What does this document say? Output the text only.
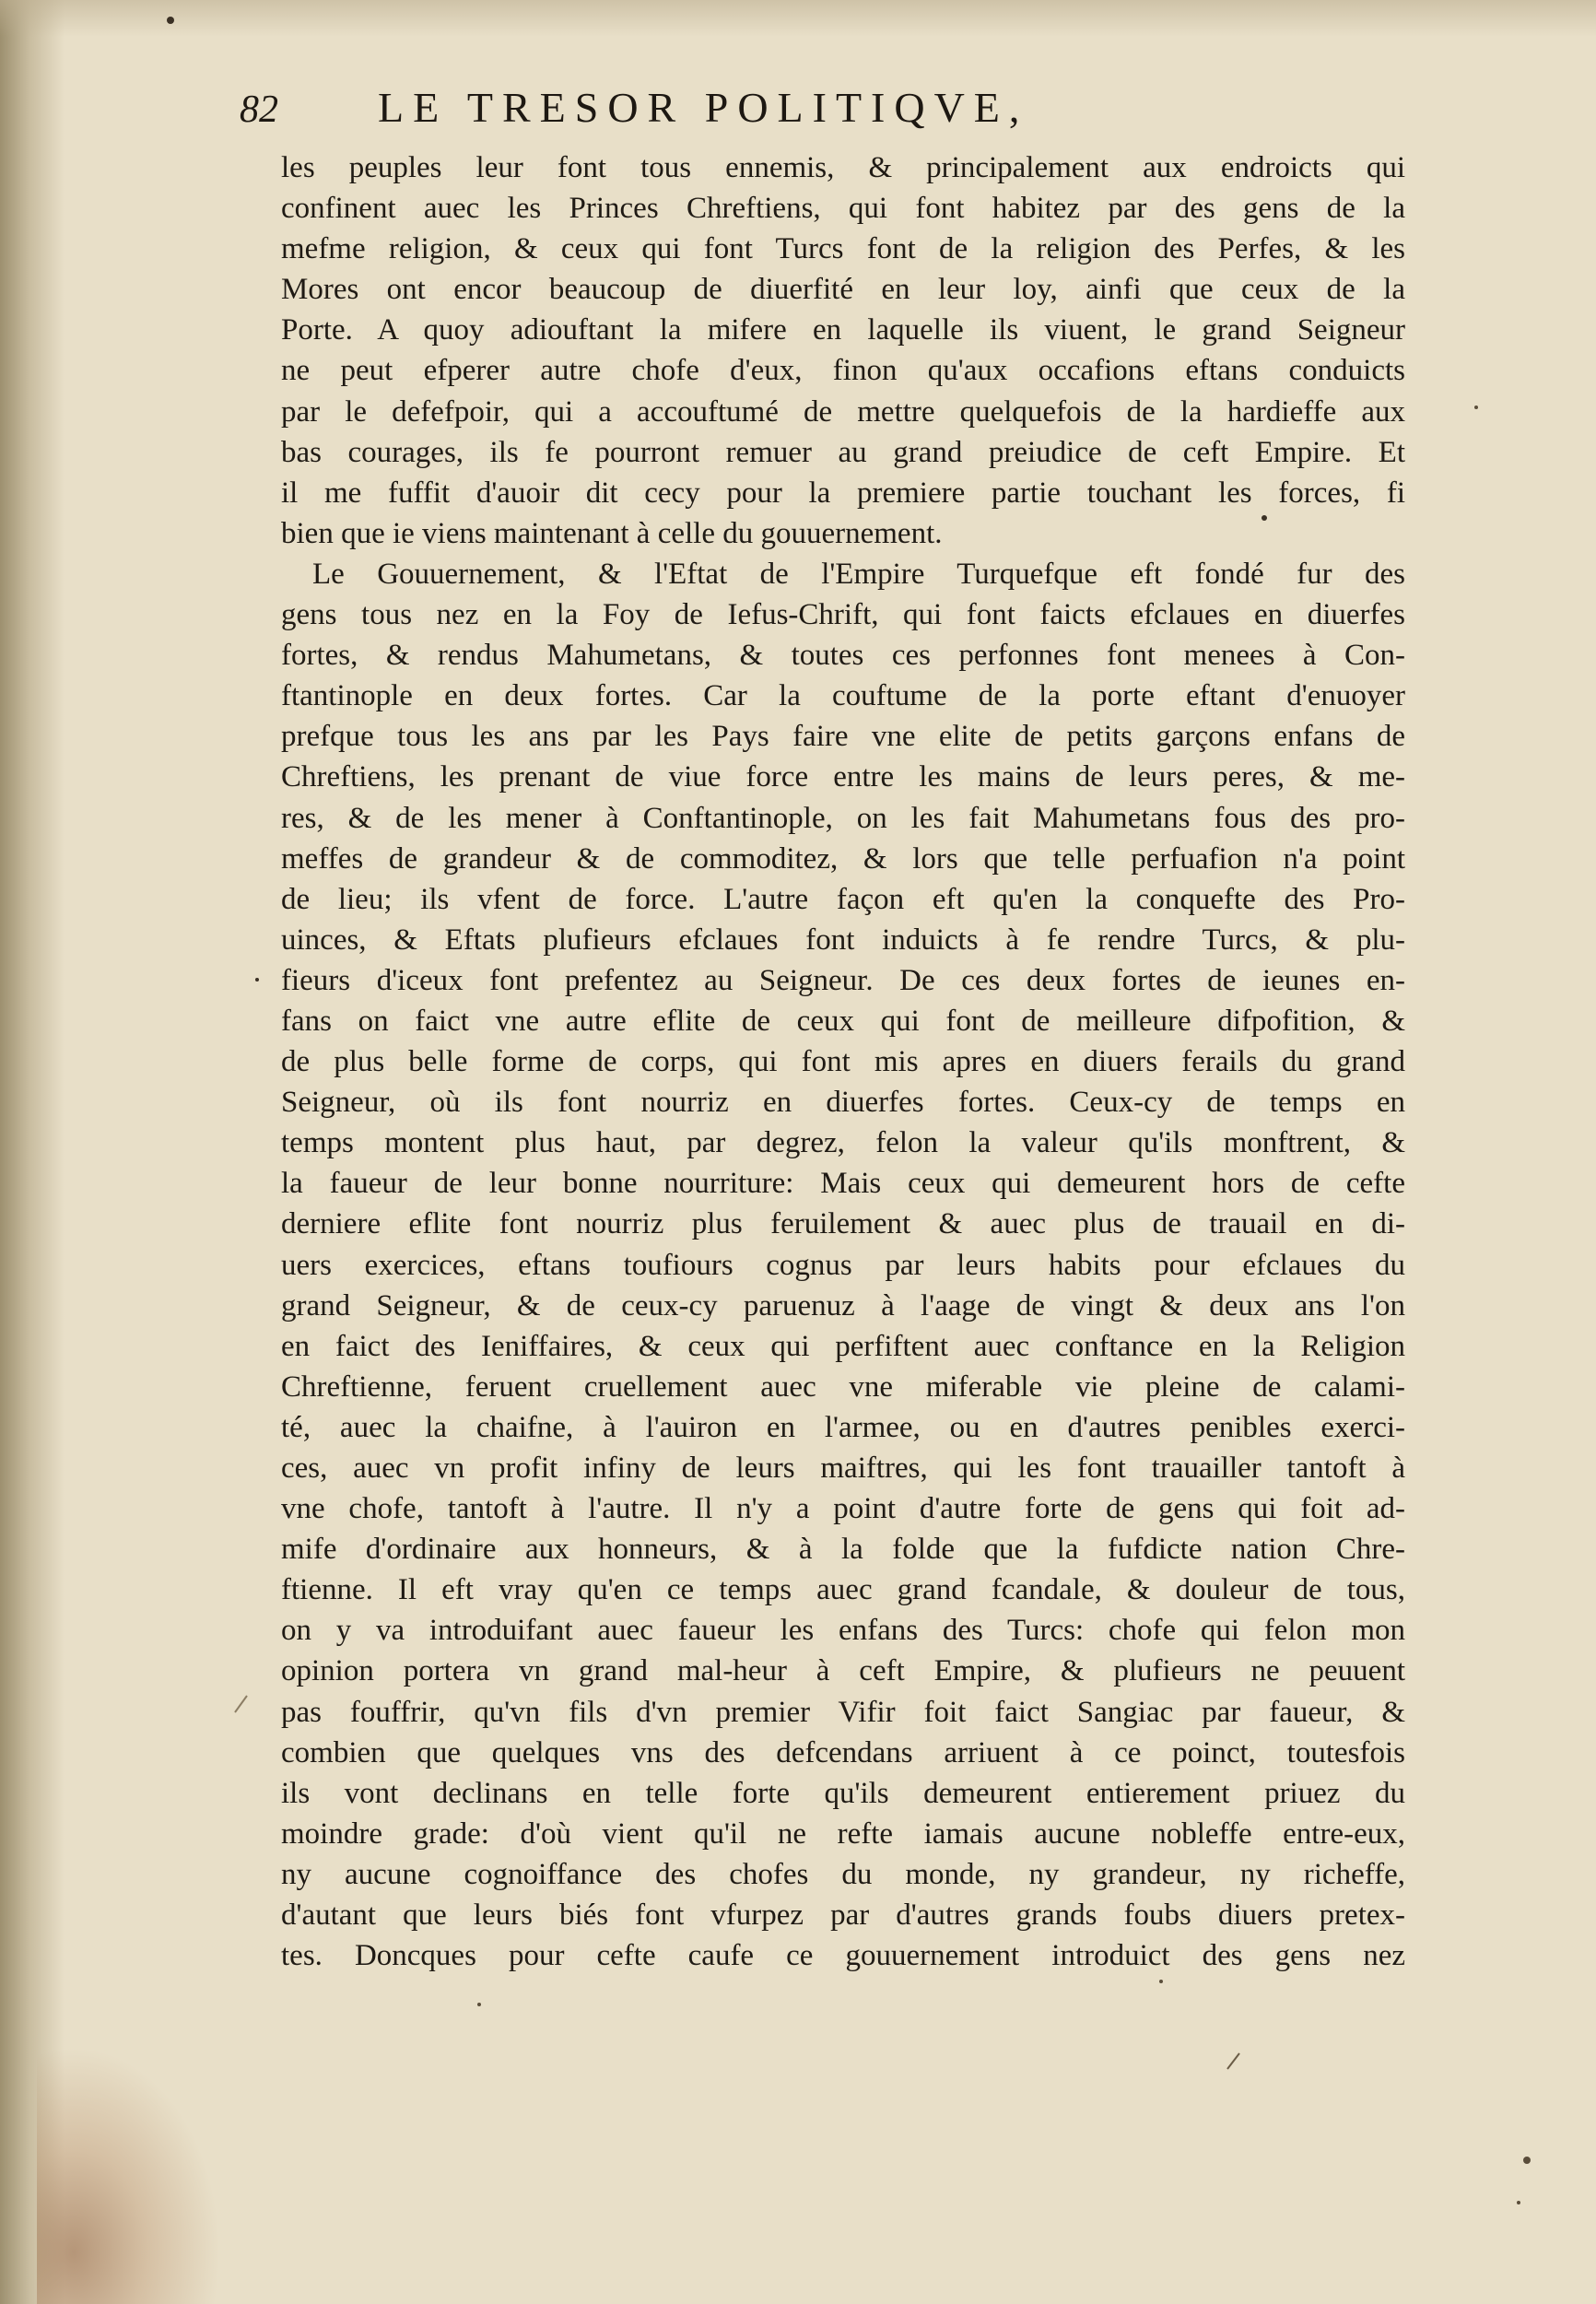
82	LE TRESOR POLITIQVE,
les peuples leur font tous ennemis, & principalement aux endroicts qui
confinent auec les Princes Chreftiens, qui font habitez par des gens de la
mefme religion, & ceux qui font Turcs font de la religion des Perfes, & les
Mores ont encor beaucoup de diuerfité en leur loy, ainfi que ceux de la
Porte. A quoy adiouftant la mifere en laquelle ils viuent, le grand Seigneur
ne peut efperer autre chofe d'eux, finon qu'aux occafions eftans conduicts
par le defefpoir, qui a accouftumé de mettre quelquefois de la hardieffe aux
bas courages, ils fe pourront remuer au grand preiudice de ceft Empire. Et
il me fuffit d'auoir dit cecy pour la premiere partie touchant les forces, fi
bien que ie viens maintenant à celle du gouuernement.
Le Gouuernement, & l'Eftat de l'Empire Turquefque eft fondé fur des
gens tous nez en la Foy de Iefus-Chrift, qui font faicts efclaues en diuerfes
fortes, & rendus Mahumetans, & toutes ces perfonnes font menees à Con-
ftantinople en deux fortes. Car la couftume de la porte eftant d'enuoyer
prefque tous les ans par les Pays faire vne elite de petits garçons enfans de
Chreftiens, les prenant de viue force entre les mains de leurs peres, & me-
res, & de les mener à Conftantinople, on les fait Mahumetans fous des pro-
meffes de grandeur & de commoditez, & lors que telle perfuafion n'a point
de lieu; ils vfent de force. L'autre façon eft qu'en la conquefte des Pro-
uinces, & Eftats plufieurs efclaues font induicts à fe rendre Turcs, & plu-
fieurs d'iceux font prefentez au Seigneur. De ces deux fortes de ieunes en-
fans on faict vne autre eflite de ceux qui font de meilleure difpofition, &
de plus belle forme de corps, qui font mis apres en diuers ferails du grand
Seigneur, où ils font nourriz en diuerfes fortes. Ceux-cy de temps en
temps montent plus haut, par degrez, felon la valeur qu'ils monftrent, &
la faueur de leur bonne nourriture: Mais ceux qui demeurent hors de cefte
derniere eflite font nourriz plus feruilement & auec plus de trauail en di-
uers exercices, eftans toufiours cognus par leurs habits pour efclaues du
grand Seigneur, & de ceux-cy paruenuz à l'aage de vingt & deux ans l'on
en faict des Ieniffaires, & ceux qui perfiftent auec conftance en la Religion
Chreftienne, feruent cruellement auec vne miferable vie pleine de calami-
té, auec la chaifne, à l'auiron en l'armee, ou en d'autres penibles exerci-
ces, auec vn profit infiny de leurs maiftres, qui les font trauailler tantoft à
vne chofe, tantoft à l'autre. Il n'y a point d'autre forte de gens qui foit ad-
mife d'ordinaire aux honneurs, & à la folde que la fufdicte nation Chre-
ftienne. Il eft vray qu'en ce temps auec grand fcandale, & douleur de tous,
on y va introduifant auec faueur les enfans des Turcs: chofe qui felon mon
opinion portera vn grand mal-heur à ceft Empire, & plufieurs ne peuuent
pas fouffrir, qu'vn fils d'vn premier Vifir foit faict Sangiac par faueur, &
combien que quelques vns des defcendans arriuent à ce poinct, toutesfois
ils vont declinans en telle forte qu'ils demeurent entierement priuez du
moindre grade: d'où vient qu'il ne refte iamais aucune nobleffe entre-eux,
ny aucune cognoiffance des chofes du monde, ny grandeur, ny richeffe,
d'autant que leurs biés font vfurpez par d'autres grands foubs diuers pretex-
tes. Doncques pour cefte caufe ce gouuernement introduict des gens nez
